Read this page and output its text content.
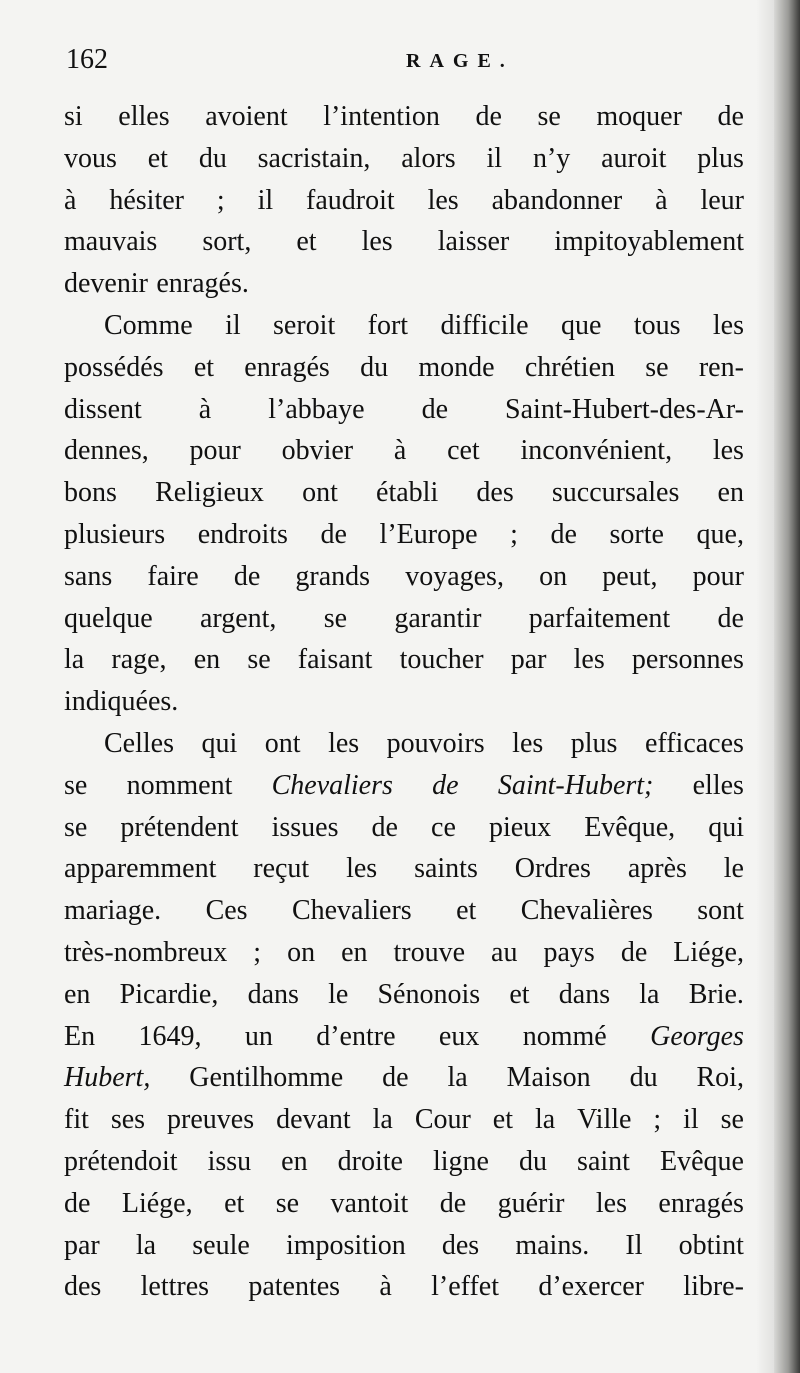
162	RAGE.
si elles avoient l’intention de se moquer de
vous et du sacristain, alors il n’y auroit plus
à hésiter ; il faudroit les abandonner à leur
mauvais sort, et les laisser impitoyablement
devenir enragés.
Comme il seroit fort difficile que tous les
possédés et enragés du monde chrétien se ren-
dissent à l’abbaye de Saint-Hubert-des-Ar-
dennes, pour obvier à cet inconvénient, les
bons Religieux ont établi des succursales en
plusieurs endroits de l’Europe ; de sorte que,
sans faire de grands voyages, on peut, pour
quelque argent, se garantir parfaitement de
la rage, en se faisant toucher par les personnes
indiquées.
Celles qui ont les pouvoirs les plus efficaces
se nomment Chevaliers de Saint-Hubert; elles
se prétendent issues de ce pieux Evêque, qui
apparemment reçut les saints Ordres après le
mariage. Ces Chevaliers et Chevalières sont
très-nombreux ; on en trouve au pays de Liége,
en Picardie, dans le Sénonois et dans la Brie.
En 1649, un d’entre eux nommé Georges
Hubert, Gentilhomme de la Maison du Roi,
fit ses preuves devant la Cour et la Ville ; il se
prétendoit issu en droite ligne du saint Evêque
de Liége, et se vantoit de guérir les enragés
par la seule imposition des mains. Il obtint
des lettres patentes à l’effet d’exercer libre-
